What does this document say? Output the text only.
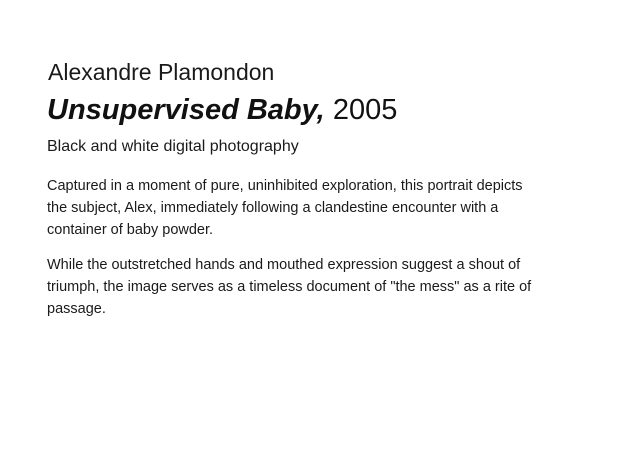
Alexandre Plamondon
Unsupervised Baby, 2005
Black and white digital photography

Captured in a moment of pure, uninhibited exploration, this portrait depicts the subject, Alex, immediately following a clandestine encounter with a container of baby powder.

While the outstretched hands and mouthed expression suggest a shout of triumph, the image serves as a timeless document of "the mess" as a rite of passage.
